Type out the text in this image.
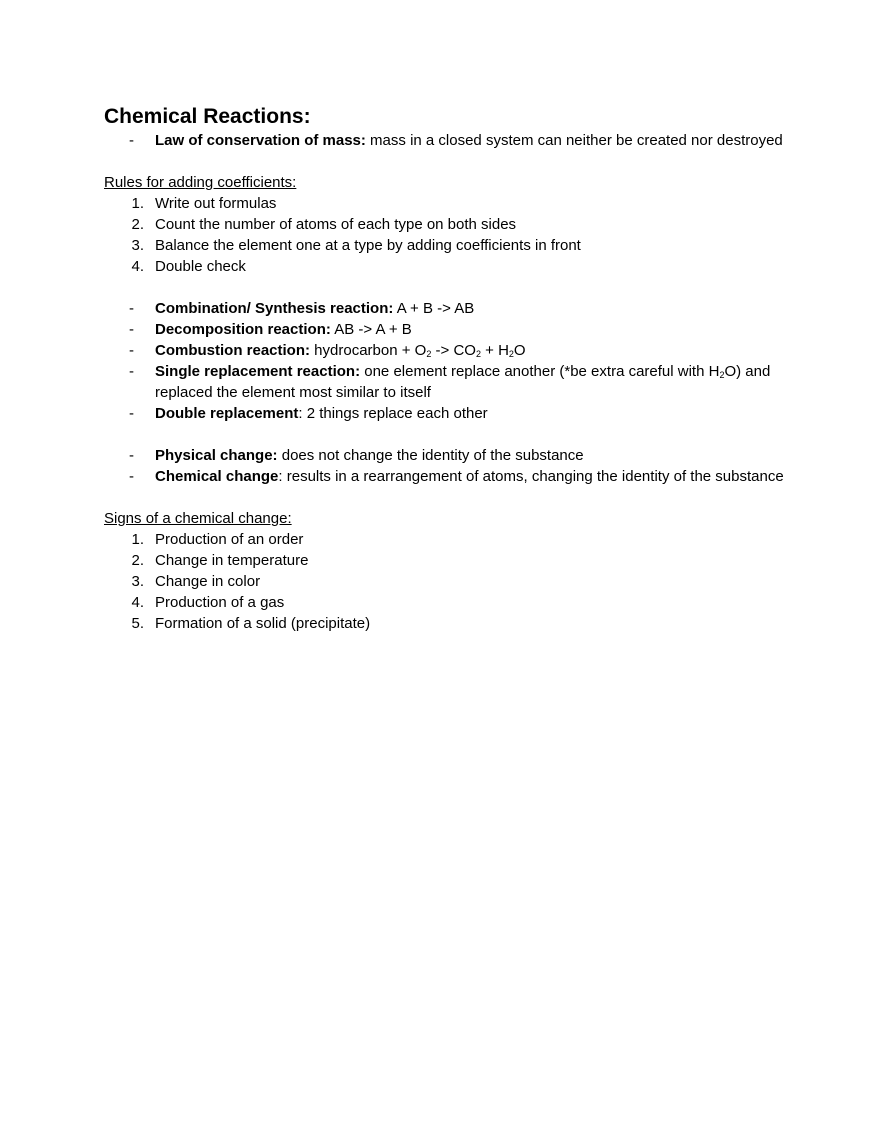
Chemical Reactions:
- Law of conservation of mass: mass in a closed system can neither be created nor destroyed
Rules for adding coefficients:
1. Write out formulas
2. Count the number of atoms of each type on both sides
3. Balance the element one at a type by adding coefficients in front
4. Double check
- Combination/ Synthesis reaction: A + B -> AB
- Decomposition reaction: AB -> A + B
- Combustion reaction: hydrocarbon + $O_2 -> CO_2 + H_2O$
- Single replacement reaction: one element replace another (*be extra careful with $H_2O$) and replaced the element most similar to itself
- Double replacement: 2 things replace each other
- Physical change: does not change the identity of the substance
- Chemical change: results in a rearrangement of atoms, changing the identity of the substance
Signs of a chemical change:
1. Production of an order
2. Change in temperature
3. Change in color
4. Production of a gas
5. Formation of a solid (precipitate)
